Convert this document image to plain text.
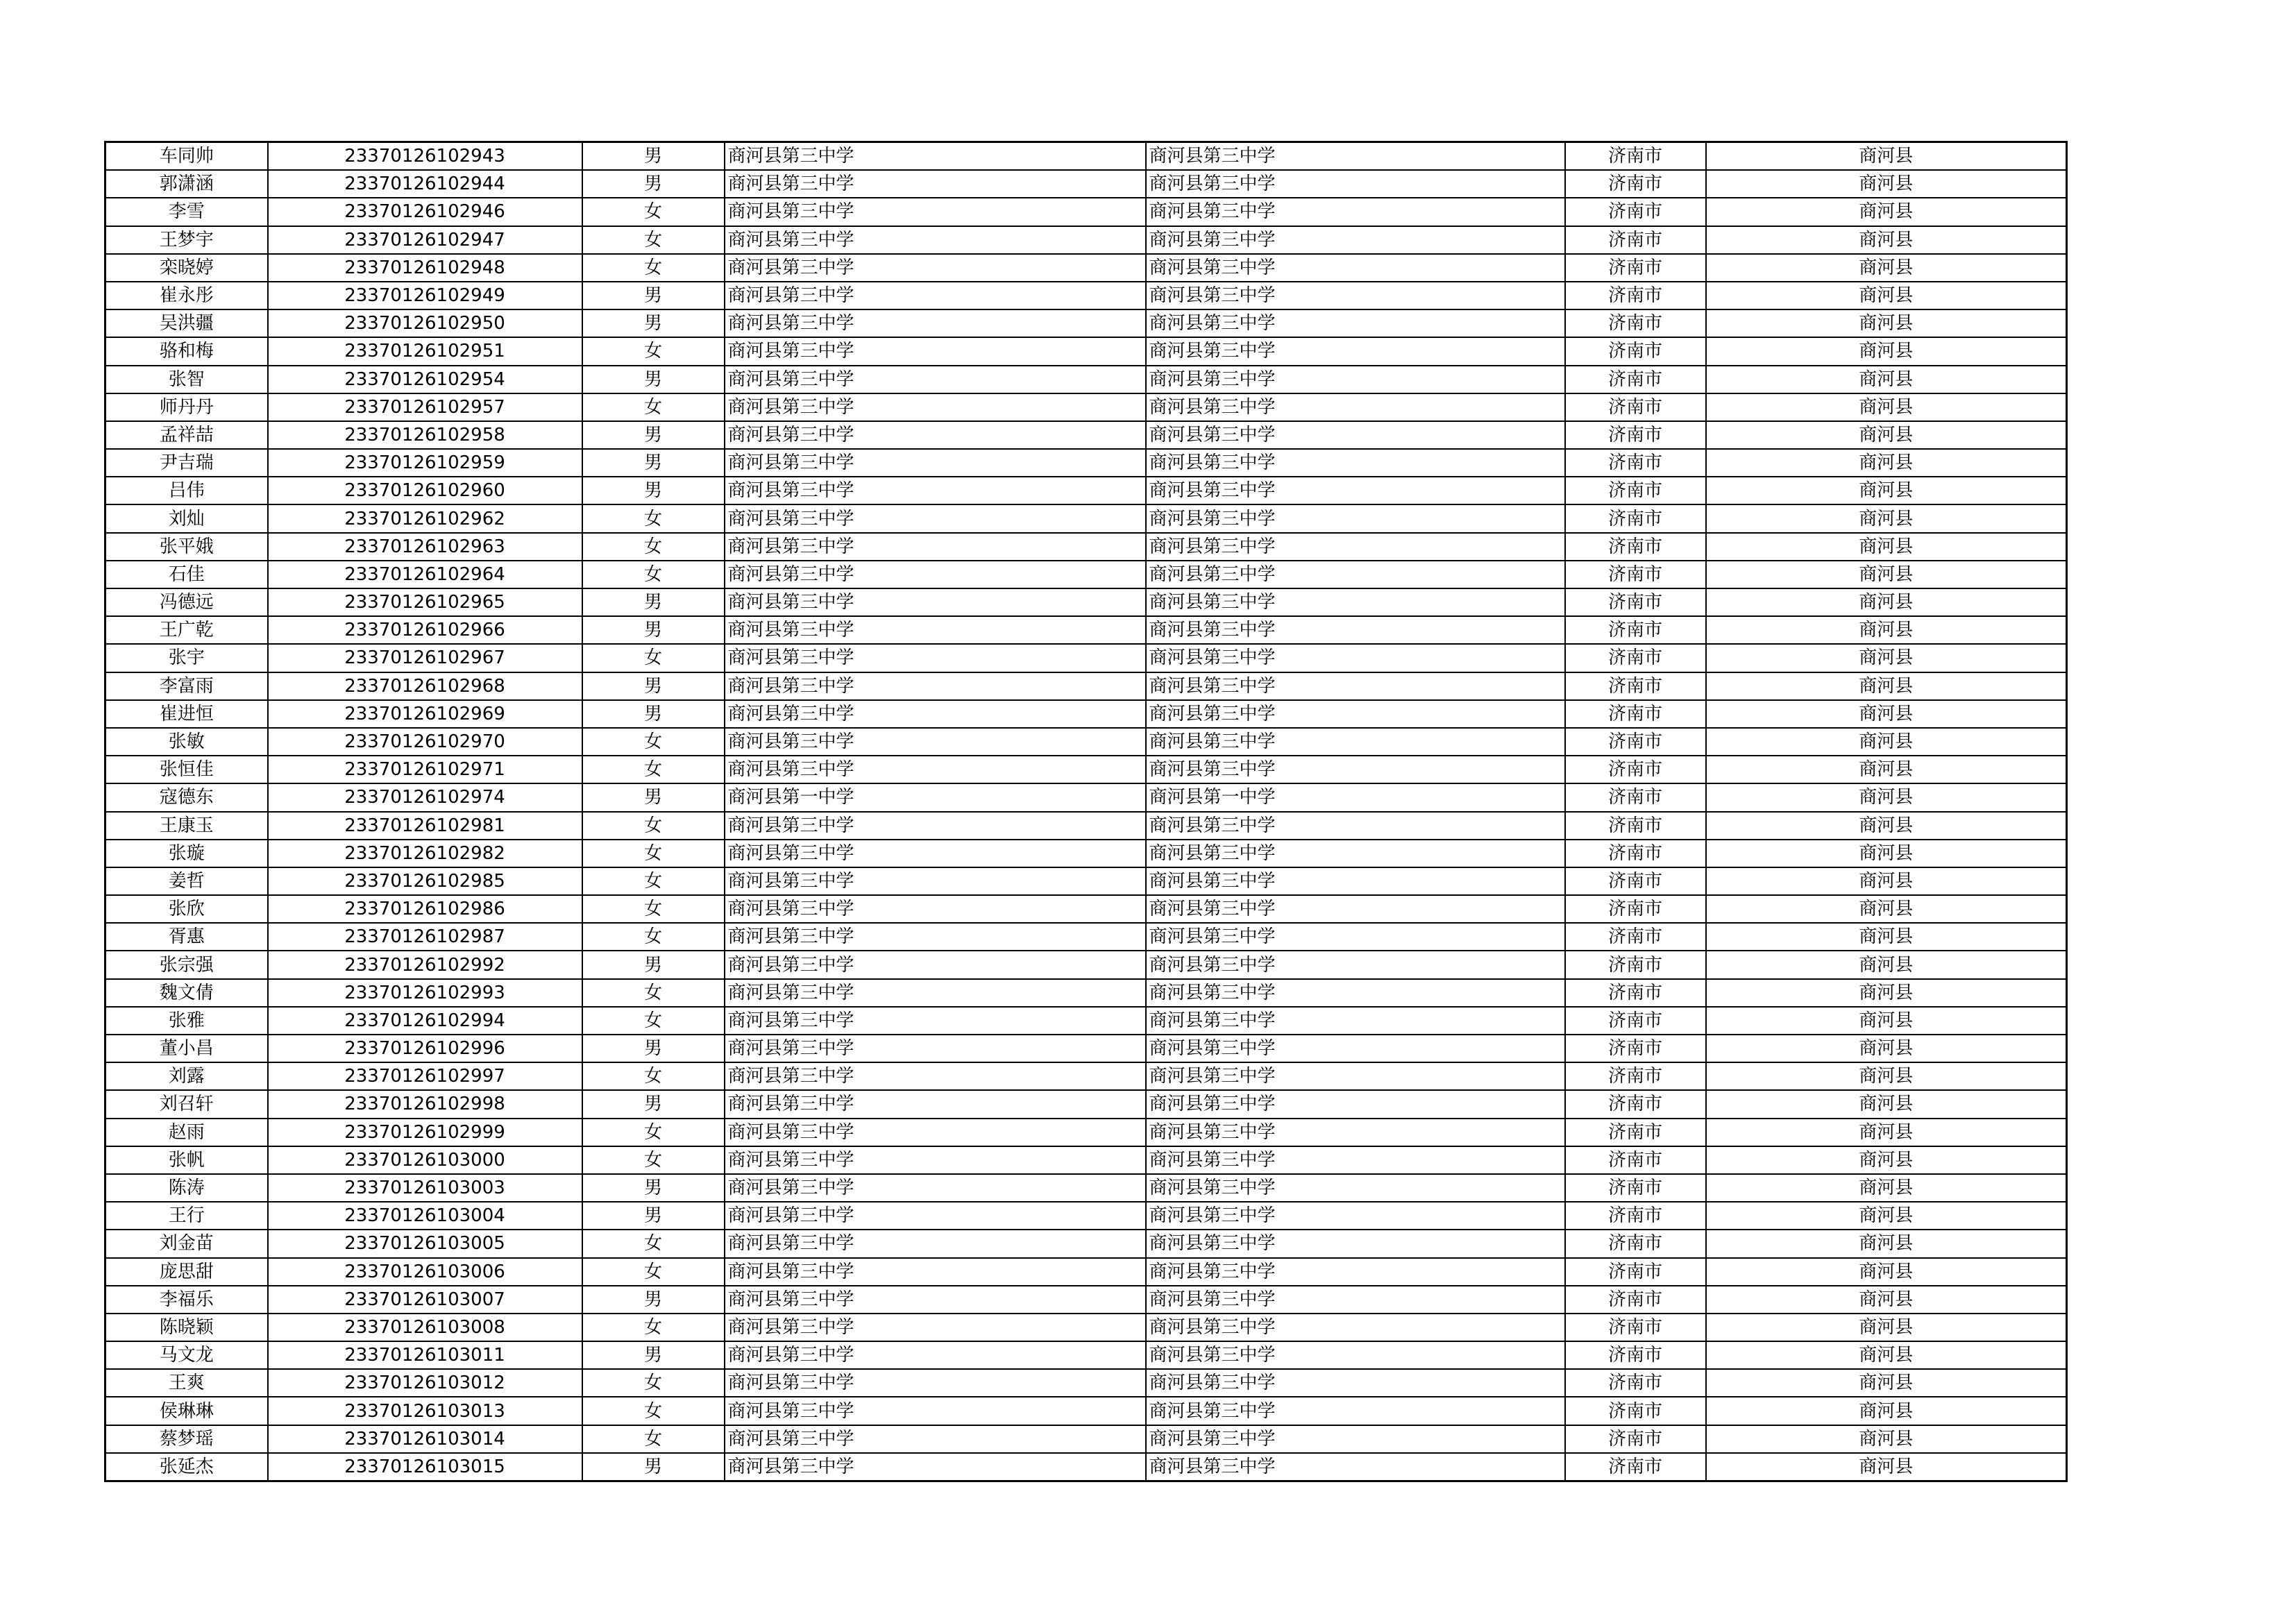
车同帅	23370126102943	男	商河县第三中学	商河县第三中学	济南市	商河县
郭潇涵	23370126102944	男	商河县第三中学	商河县第三中学	济南市	商河县
李雪	23370126102946	女	商河县第三中学	商河县第三中学	济南市	商河县
王梦宇	23370126102947	女	商河县第三中学	商河县第三中学	济南市	商河县
栾晓婷	23370126102948	女	商河县第三中学	商河县第三中学	济南市	商河县
崔永彤	23370126102949	男	商河县第三中学	商河县第三中学	济南市	商河县
吴洪疆	23370126102950	男	商河县第三中学	商河县第三中学	济南市	商河县
骆和梅	23370126102951	女	商河县第三中学	商河县第三中学	济南市	商河县
张智	23370126102954	男	商河县第三中学	商河县第三中学	济南市	商河县
师丹丹	23370126102957	女	商河县第三中学	商河县第三中学	济南市	商河县
孟祥喆	23370126102958	男	商河县第三中学	商河县第三中学	济南市	商河县
尹吉瑞	23370126102959	男	商河县第三中学	商河县第三中学	济南市	商河县
吕伟	23370126102960	男	商河县第三中学	商河县第三中学	济南市	商河县
刘灿	23370126102962	女	商河县第三中学	商河县第三中学	济南市	商河县
张平娥	23370126102963	女	商河县第三中学	商河县第三中学	济南市	商河县
石佳	23370126102964	女	商河县第三中学	商河县第三中学	济南市	商河县
冯德远	23370126102965	男	商河县第三中学	商河县第三中学	济南市	商河县
王广乾	23370126102966	男	商河县第三中学	商河县第三中学	济南市	商河县
张宇	23370126102967	女	商河县第三中学	商河县第三中学	济南市	商河县
李富雨	23370126102968	男	商河县第三中学	商河县第三中学	济南市	商河县
崔进恒	23370126102969	男	商河县第三中学	商河县第三中学	济南市	商河县
张敏	23370126102970	女	商河县第三中学	商河县第三中学	济南市	商河县
张恒佳	23370126102971	女	商河县第三中学	商河县第三中学	济南市	商河县
寇德东	23370126102974	男	商河县第一中学	商河县第一中学	济南市	商河县
王康玉	23370126102981	女	商河县第三中学	商河县第三中学	济南市	商河县
张璇	23370126102982	女	商河县第三中学	商河县第三中学	济南市	商河县
姜哲	23370126102985	女	商河县第三中学	商河县第三中学	济南市	商河县
张欣	23370126102986	女	商河县第三中学	商河县第三中学	济南市	商河县
胥惠	23370126102987	女	商河县第三中学	商河县第三中学	济南市	商河县
张宗强	23370126102992	男	商河县第三中学	商河县第三中学	济南市	商河县
魏文倩	23370126102993	女	商河县第三中学	商河县第三中学	济南市	商河县
张雅	23370126102994	女	商河县第三中学	商河县第三中学	济南市	商河县
董小昌	23370126102996	男	商河县第三中学	商河县第三中学	济南市	商河县
刘露	23370126102997	女	商河县第三中学	商河县第三中学	济南市	商河县
刘召轩	23370126102998	男	商河县第三中学	商河县第三中学	济南市	商河县
赵雨	23370126102999	女	商河县第三中学	商河县第三中学	济南市	商河县
张帆	23370126103000	女	商河县第三中学	商河县第三中学	济南市	商河县
陈涛	23370126103003	男	商河县第三中学	商河县第三中学	济南市	商河县
王行	23370126103004	男	商河县第三中学	商河县第三中学	济南市	商河县
刘金苗	23370126103005	女	商河县第三中学	商河县第三中学	济南市	商河县
庞思甜	23370126103006	女	商河县第三中学	商河县第三中学	济南市	商河县
李福乐	23370126103007	男	商河县第三中学	商河县第三中学	济南市	商河县
陈晓颖	23370126103008	女	商河县第三中学	商河县第三中学	济南市	商河县
马文龙	23370126103011	男	商河县第三中学	商河县第三中学	济南市	商河县
王爽	23370126103012	女	商河县第三中学	商河县第三中学	济南市	商河县
侯琳琳	23370126103013	女	商河县第三中学	商河县第三中学	济南市	商河县
蔡梦瑶	23370126103014	女	商河县第三中学	商河县第三中学	济南市	商河县
张延杰	23370126103015	男	商河县第三中学	商河县第三中学	济南市	商河县
